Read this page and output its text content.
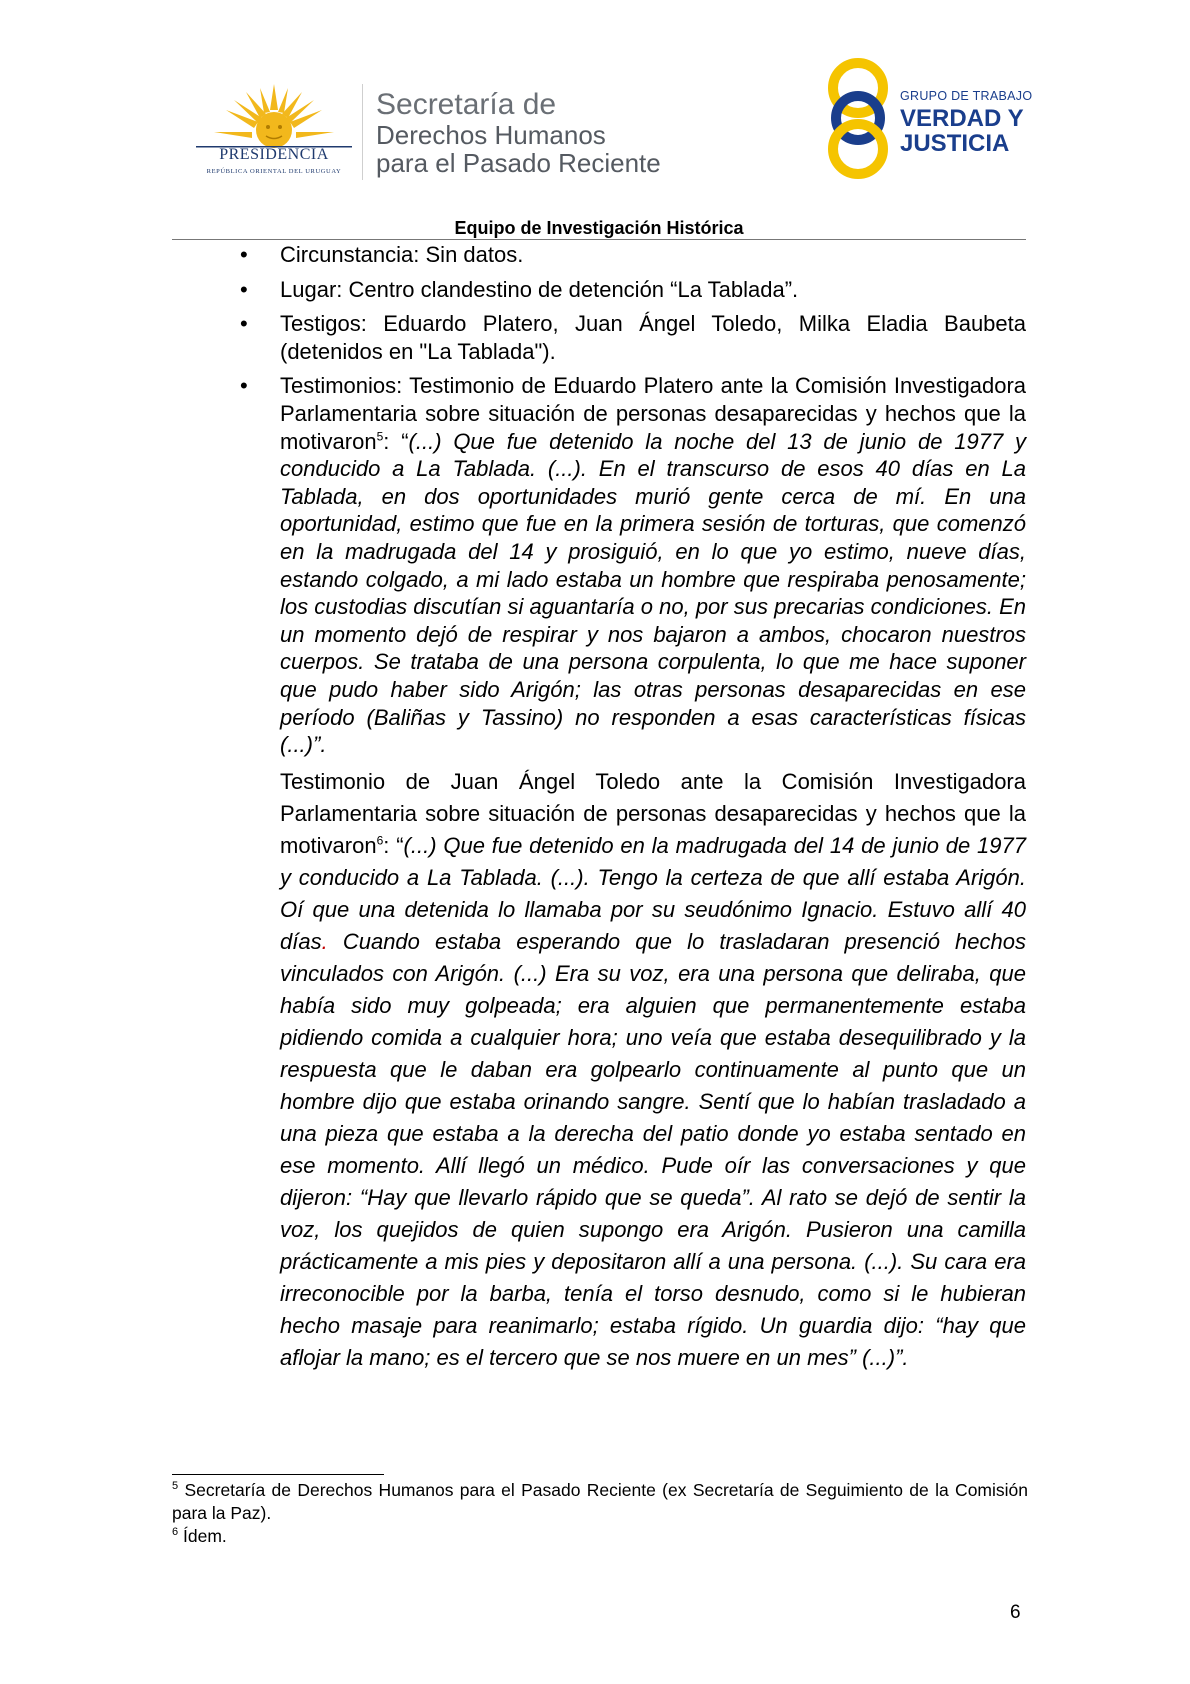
PRESIDENCIA
REPÚBLICA ORIENTAL DEL URUGUAY
Secretaría de
Derechos Humanos
para el Pasado Reciente
GRUPO DE TRABAJO
VERDAD Y
JUSTICIA
Equipo de Investigación Histórica
• Circunstancia: Sin datos.
• Lugar: Centro clandestino de detención “La Tablada”.
• Testigos: Eduardo Platero, Juan Ángel Toledo, Milka Eladia Baubeta (detenidos en "La Tablada").
• Testimonios: Testimonio de Eduardo Platero ante la Comisión Investigadora Parlamentaria sobre situación de personas desaparecidas y hechos que la motivaron$^5$: “(...) Que fue detenido la noche del 13 de junio de 1977 y conducido a La Tablada. (...). En el transcurso de esos 40 días en La Tablada, en dos oportunidades murió gente cerca de mí. En una oportunidad, estimo que fue en la primera sesión de torturas, que comenzó en la madrugada del 14 y prosiguió, en lo que yo estimo, nueve días, estando colgado, a mi lado estaba un hombre que respiraba penosamente; los custodias discutían si aguantaría o no, por sus precarias condiciones. En un momento dejó de respirar y nos bajaron a ambos, chocaron nuestros cuerpos. Se trataba de una persona corpulenta, lo que me hace suponer que pudo haber sido Arigón; las otras personas desaparecidas en ese período (Baliñas y Tassino) no responden a esas características físicas (...)”.

Testimonio de Juan Ángel Toledo ante la Comisión Investigadora Parlamentaria sobre situación de personas desaparecidas y hechos que la motivaron$^6$: “(...) Que fue detenido en la madrugada del 14 de junio de 1977 y conducido a La Tablada. (...). Tengo la certeza de que allí estaba Arigón. Oí que una detenida lo llamaba por su seudónimo Ignacio. Estuvo allí 40 días. Cuando estaba esperando que lo trasladaran presenció hechos vinculados con Arigón. (...) Era su voz, era una persona que deliraba, que había sido muy golpeada; era alguien que permanentemente estaba pidiendo comida a cualquier hora; uno veía que estaba desequilibrado y la respuesta que le daban era golpearlo continuamente al punto que un hombre dijo que estaba orinando sangre. Sentí que lo habían trasladado a una pieza que estaba a la derecha del patio donde yo estaba sentado en ese momento. Allí llegó un médico. Pude oír las conversaciones y que dijeron: “Hay que llevarlo rápido que se queda”. Al rato se dejó de sentir la voz, los quejidos de quien supongo era Arigón. Pusieron una camilla prácticamente a mis pies y depositaron allí a una persona. (...). Su cara era irreconocible por la barba, tenía el torso desnudo, como si le hubieran hecho masaje para reanimarlo; estaba rígido. Un guardia dijo: “hay que aflojar la mano; es el tercero que se nos muere en un mes” (...)”.

$^5$ Secretaría de Derechos Humanos para el Pasado Reciente (ex Secretaría de Seguimiento de la Comisión para la Paz).

$^6$ Ídem.

6
